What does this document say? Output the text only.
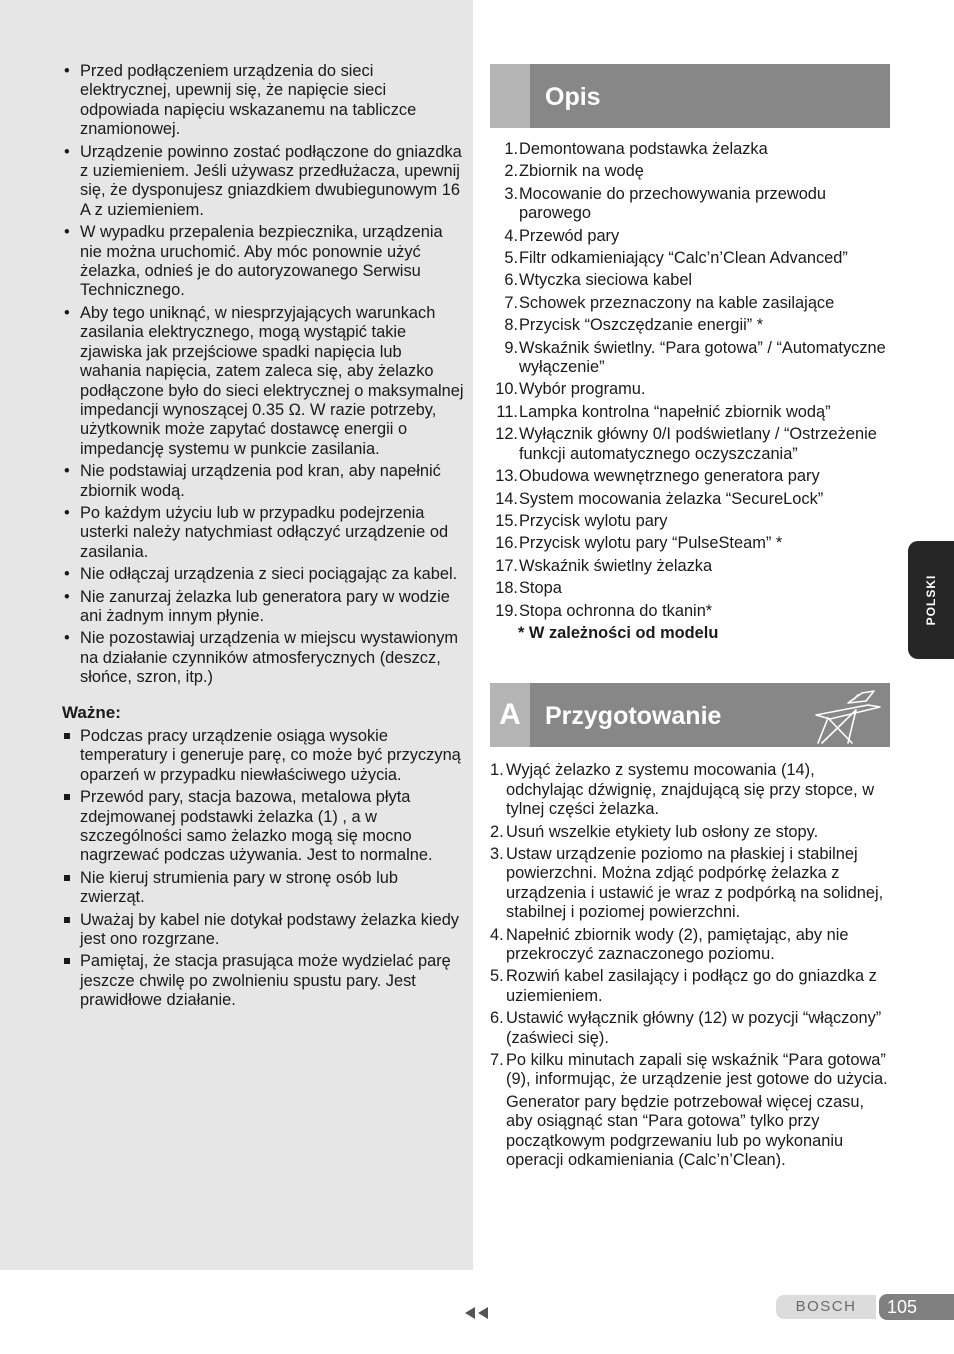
• Przed podłączeniem urządzenia do sieci elektrycznej, upewnij się, że napięcie sieci odpowiada napięciu wskazanemu na tabliczce znamionowej.
• Urządzenie powinno zostać podłączone do gniazdka z uziemieniem. Jeśli używasz przedłużacza, upewnij się, że dysponujesz gniazdkiem dwubiegunowym 16 A z uziemieniem.
• W wypadku przepalenia bezpiecznika, urządzenia nie można uruchomić. Aby móc ponownie użyć żelazka, odnieś je do autoryzowanego Serwisu Technicznego.
• Aby tego uniknąć, w niesprzyjających warunkach zasilania elektrycznego, mogą wystąpić takie zjawiska jak przejściowe spadki napięcia lub wahania napięcia, zatem zaleca się, aby żelazko podłączone było do sieci elektrycznej o maksymalnej impedancji wynoszącej 0.35 Ω. W razie potrzeby, użytkownik może zapytać dostawcę energii o impedancję systemu w punkcie zasilania.
• Nie podstawiaj urządzenia pod kran, aby napełnić zbiornik wodą.
• Po każdym użyciu lub w przypadku podejrzenia usterki należy natychmiast odłączyć urządzenie od zasilania.
• Nie odłączaj urządzenia z sieci pociągając za kabel.
• Nie zanurzaj żelazka lub generatora pary w wodzie ani żadnym innym płynie.
• Nie pozostawiaj urządzenia w miejscu wystawionym na działanie czynników atmosferycznych (deszcz, słońce, szron, itp.)
Ważne:
Podczas pracy urządzenie osiąga wysokie temperatury i generuje parę, co może być przyczyną oparzeń w przypadku niewłaściwego użycia.
Przewód pary, stacja bazowa, metalowa płyta zdejmowanej podstawki żelazka (1) , a w szczególności samo żelazko mogą się mocno nagrzewać podczas używania. Jest to normalne.
Nie kieruj strumienia pary w stronę osób lub zwierząt.
Uważaj by kabel nie dotykał podstawy żelazka kiedy jest ono rozgrzane.
Pamiętaj, że stacja prasująca może wydzielać parę jeszcze chwilę po zwolnieniu spustu pary. Jest prawidłowe działanie.
Opis
1. Demontowana podstawka żelazka
2. Zbiornik na wodę
3. Mocowanie do przechowywania przewodu parowego
4. Przewód pary
5. Filtr odkamieniający “Calc’n’Clean Advanced”
6. Wtyczka sieciowa kabel
7. Schowek przeznaczony na kable zasilające
8. Przycisk “Oszczędzanie energii” *
9. Wskaźnik świetlny. “Para gotowa” / “Automatyczne wyłączenie”
10. Wybór programu.
11. Lampka kontrolna “napełnić zbiornik wodą”
12. Wyłącznik główny 0/I podświetlany / “Ostrzeżenie funkcji automatycznego oczyszczania”
13. Obudowa wewnętrznego generatora pary
14. System mocowania żelazka “SecureLock”
15. Przycisk wylotu pary
16. Przycisk wylotu pary “PulseSteam” *
17. Wskaźnik świetlny żelazka
18. Stopa
19. Stopa ochronna do tkanin*
* W zależności od modelu
A Przygotowanie
1. Wyjąć żelazko z systemu mocowania (14), odchylając dźwignię, znajdującą się przy stopce, w tylnej części żelazka.
2. Usuń wszelkie etykiety lub osłony ze stopy.
3. Ustaw urządzenie poziomo na płaskiej i stabilnej powierzchni. Można zdjąć podpórkę żelazka z urządzenia i ustawić je wraz z podpórką na solidnej, stabilnej i poziomej powierzchni.
4. Napełnić zbiornik wody (2), pamiętając, aby nie przekroczyć zaznaczonego poziomu.
5. Rozwiń kabel zasilający i podłącz go do gniazdka z uziemieniem.
6. Ustawić wyłącznik główny (12) w pozycji “włączony” (zaświeci się).
7. Po kilku minutach zapali się wskaźnik “Para gotowa” (9), informując, że urządzenie jest gotowe do użycia.
Generator pary będzie potrzebował więcej czasu, aby osiągnąć stan “Para gotowa” tylko przy początkowym podgrzewaniu lub po wykonaniu operacji odkamieniania (Calc’n’Clean).
POLSKI
BOSCH	105
